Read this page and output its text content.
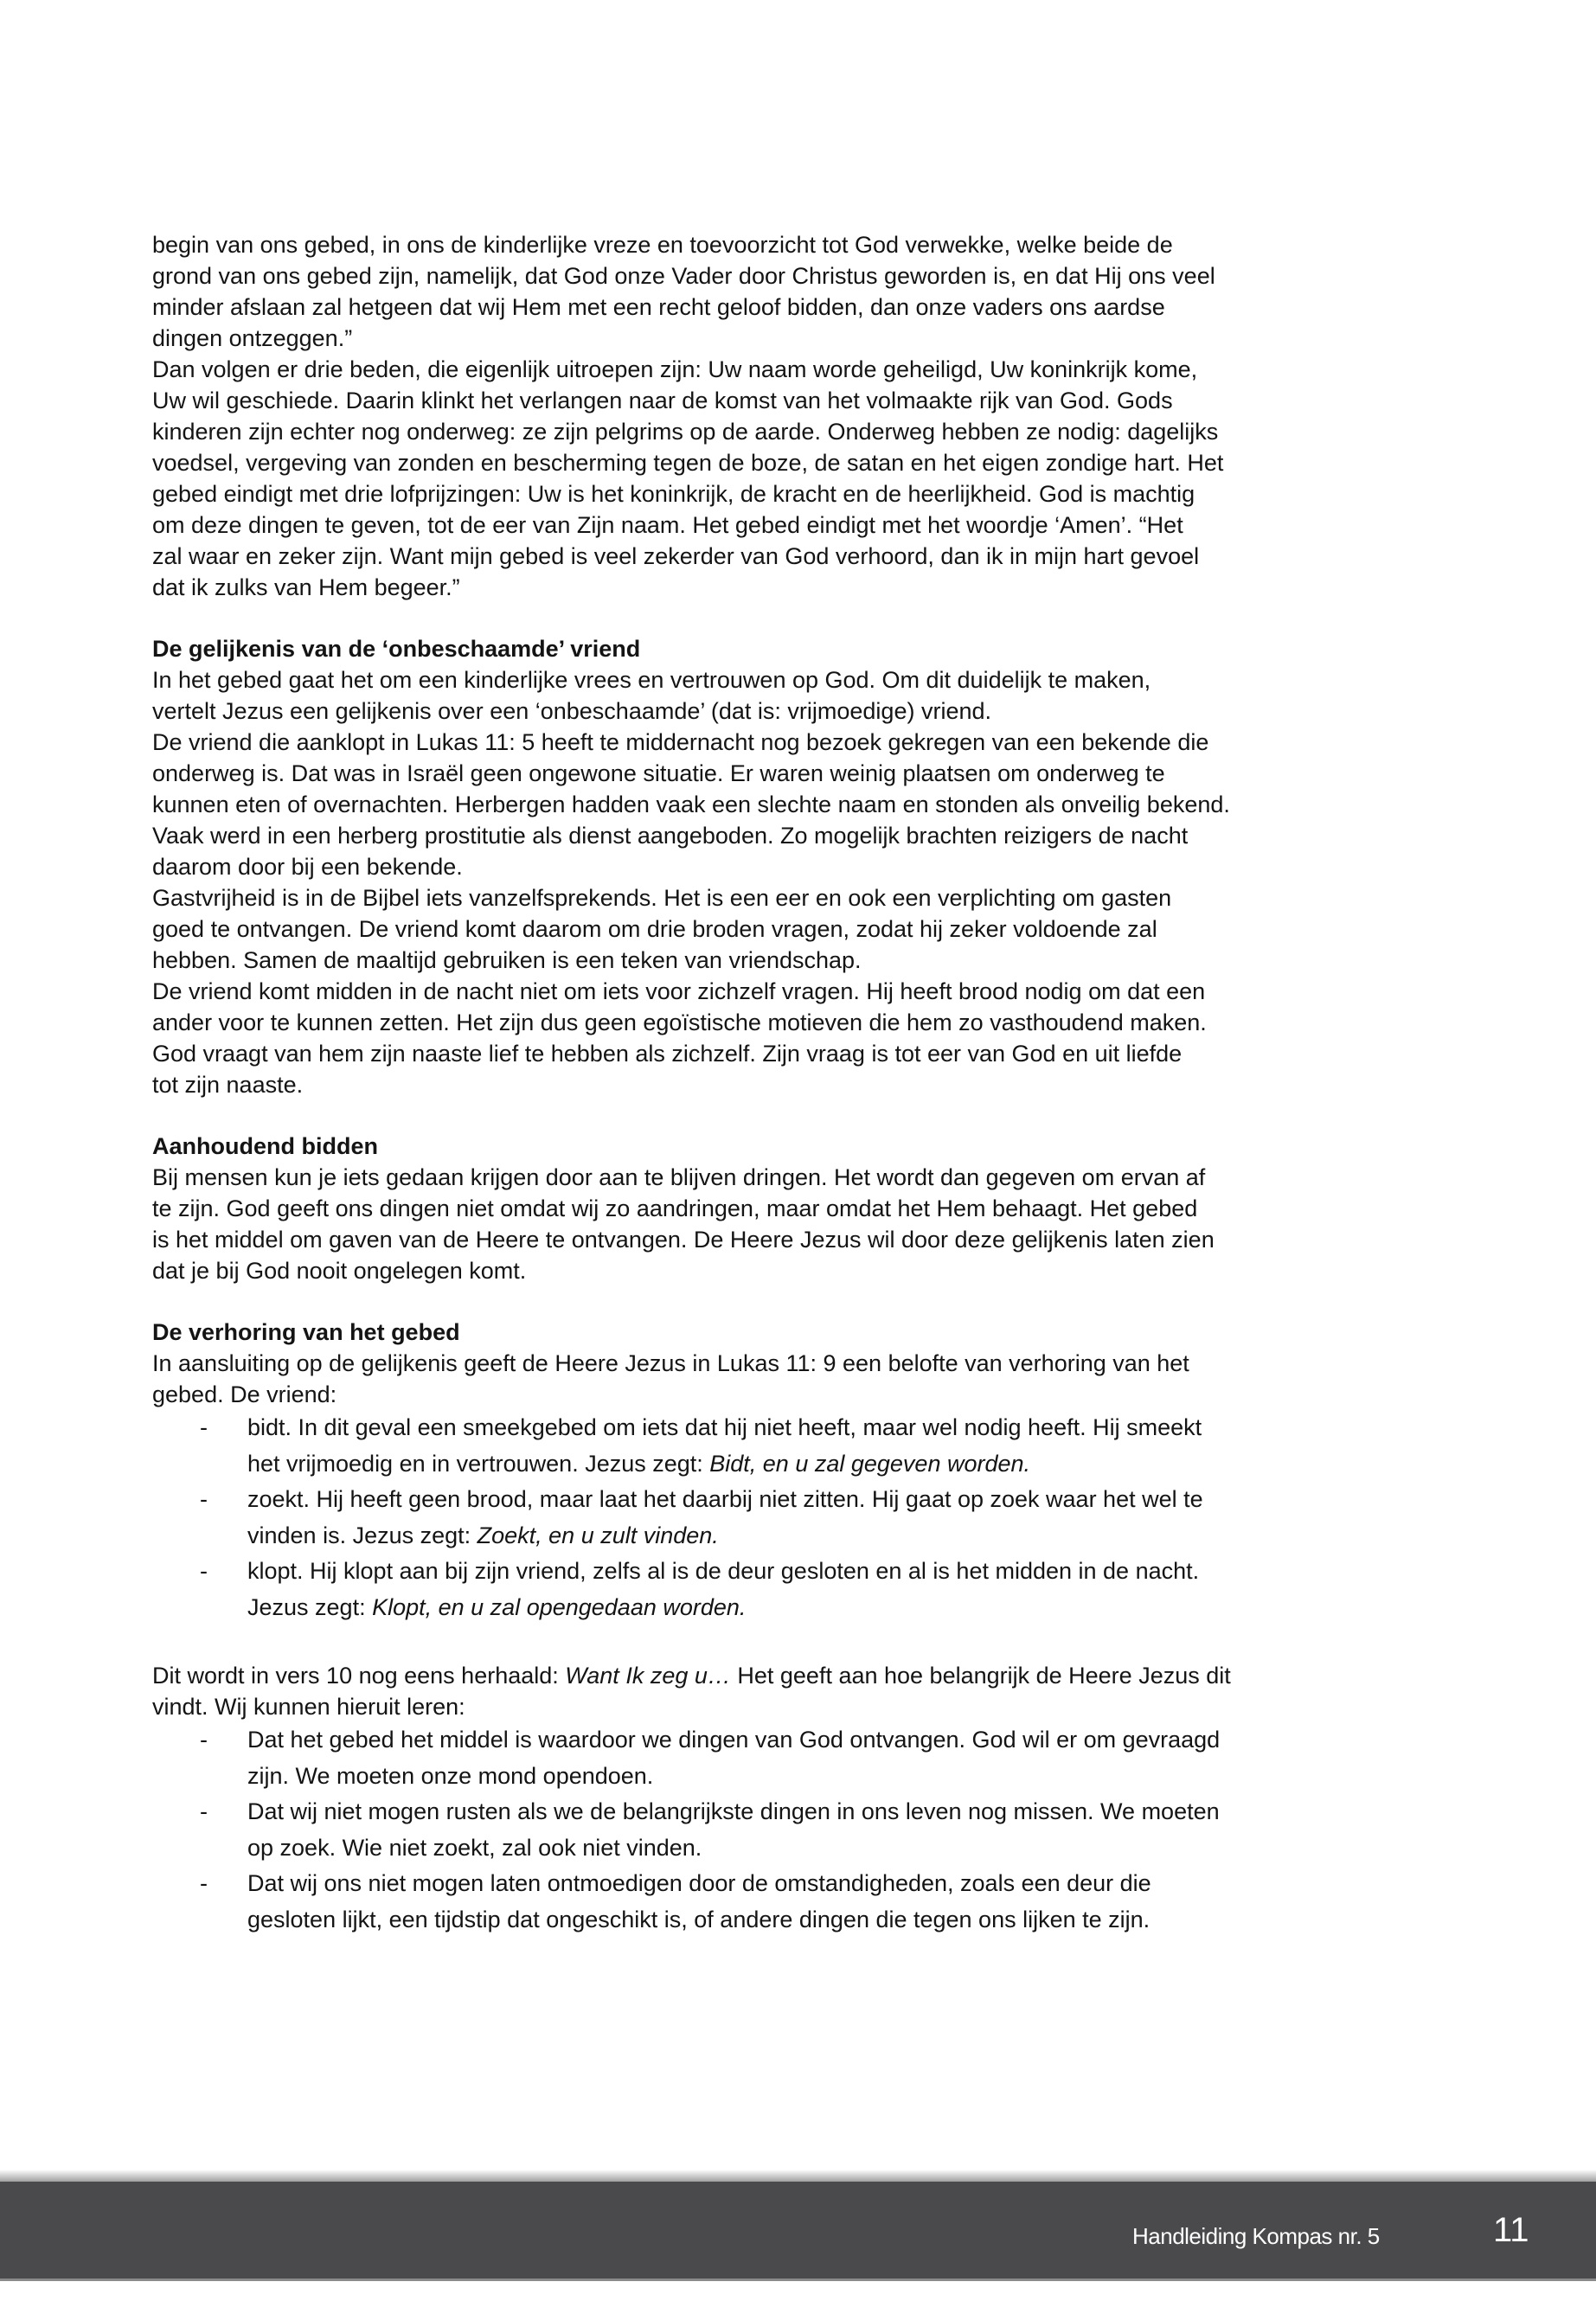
begin van ons gebed, in ons de kinderlijke vreze en toevoorzicht tot God verwekke, welke beide de
grond van ons gebed zijn, namelijk, dat God onze Vader door Christus geworden is, en dat Hij ons veel
minder afslaan zal hetgeen dat wij Hem met een recht geloof bidden, dan onze vaders ons aardse
dingen ontzeggen.”
Dan volgen er drie beden, die eigenlijk uitroepen zijn: Uw naam worde geheiligd, Uw koninkrijk kome,
Uw wil geschiede. Daarin klinkt het verlangen naar de komst van het volmaakte rijk van God. Gods
kinderen zijn echter nog onderweg: ze zijn pelgrims op de aarde. Onderweg hebben ze nodig: dagelijks
voedsel, vergeving van zonden en bescherming tegen de boze, de satan en het eigen zondige hart. Het
gebed eindigt met drie lofprijzingen: Uw is het koninkrijk, de kracht en de heerlijkheid. God is machtig
om deze dingen te geven, tot de eer van Zijn naam. Het gebed eindigt met het woordje ‘Amen’. “Het
zal waar en zeker zijn. Want mijn gebed is veel zekerder van God verhoord, dan ik in mijn hart gevoel
dat ik zulks van Hem begeer.”
De gelijkenis van de ‘onbeschaamde’ vriend
In het gebed gaat het om een kinderlijke vrees en vertrouwen op God. Om dit duidelijk te maken,
vertelt Jezus een gelijkenis over een ‘onbeschaamde’ (dat is: vrijmoedige) vriend.
De vriend die aanklopt in Lukas 11: 5 heeft te middernacht nog bezoek gekregen van een bekende die
onderweg is. Dat was in Israël geen ongewone situatie. Er waren weinig plaatsen om onderweg te
kunnen eten of overnachten. Herbergen hadden vaak een slechte naam en stonden als onveilig bekend.
Vaak werd in een herberg prostitutie als dienst aangeboden. Zo mogelijk brachten reizigers de nacht
daarom door bij een bekende.
Gastvrijheid is in de Bijbel iets vanzelfsprekends. Het is een eer en ook een verplichting om gasten
goed te ontvangen. De vriend komt daarom om drie broden vragen, zodat hij zeker voldoende zal
hebben. Samen de maaltijd gebruiken is een teken van vriendschap.
De vriend komt midden in de nacht niet om iets voor zichzelf vragen. Hij heeft brood nodig om dat een
ander voor te kunnen zetten. Het zijn dus geen egoïstische motieven die hem zo vasthoudend maken.
God vraagt van hem zijn naaste lief te hebben als zichzelf. Zijn vraag is tot eer van God en uit liefde
tot zijn naaste.
Aanhoudend bidden
Bij mensen kun je iets gedaan krijgen door aan te blijven dringen. Het wordt dan gegeven om ervan af
te zijn. God geeft ons dingen niet omdat wij zo aandringen, maar omdat het Hem behaagt. Het gebed
is het middel om gaven van de Heere te ontvangen. De Heere Jezus wil door deze gelijkenis laten zien
dat je bij God nooit ongelegen komt.
De verhoring van het gebed
In aansluiting op de gelijkenis geeft de Heere Jezus in Lukas 11: 9 een belofte van verhoring van het
gebed. De vriend:
- bidt. In dit geval een smeekgebed om iets dat hij niet heeft, maar wel nodig heeft. Hij smeekt
het vrijmoedig en in vertrouwen. Jezus zegt: Bidt, en u zal gegeven worden.
- zoekt. Hij heeft geen brood, maar laat het daarbij niet zitten. Hij gaat op zoek waar het wel te
vinden is. Jezus zegt: Zoekt, en u zult vinden.
- klopt. Hij klopt aan bij zijn vriend, zelfs al is de deur gesloten en al is het midden in de nacht.
Jezus zegt: Klopt, en u zal opengedaan worden.
Dit wordt in vers 10 nog eens herhaald: Want Ik zeg u… Het geeft aan hoe belangrijk de Heere Jezus dit
vindt. Wij kunnen hieruit leren:
- Dat het gebed het middel is waardoor we dingen van God ontvangen. God wil er om gevraagd
zijn. We moeten onze mond opendoen.
- Dat wij niet mogen rusten als we de belangrijkste dingen in ons leven nog missen. We moeten
op zoek. Wie niet zoekt, zal ook niet vinden.
- Dat wij ons niet mogen laten ontmoedigen door de omstandigheden, zoals een deur die
gesloten lijkt, een tijdstip dat ongeschikt is, of andere dingen die tegen ons lijken te zijn.
Handleiding Kompas nr. 5	11
